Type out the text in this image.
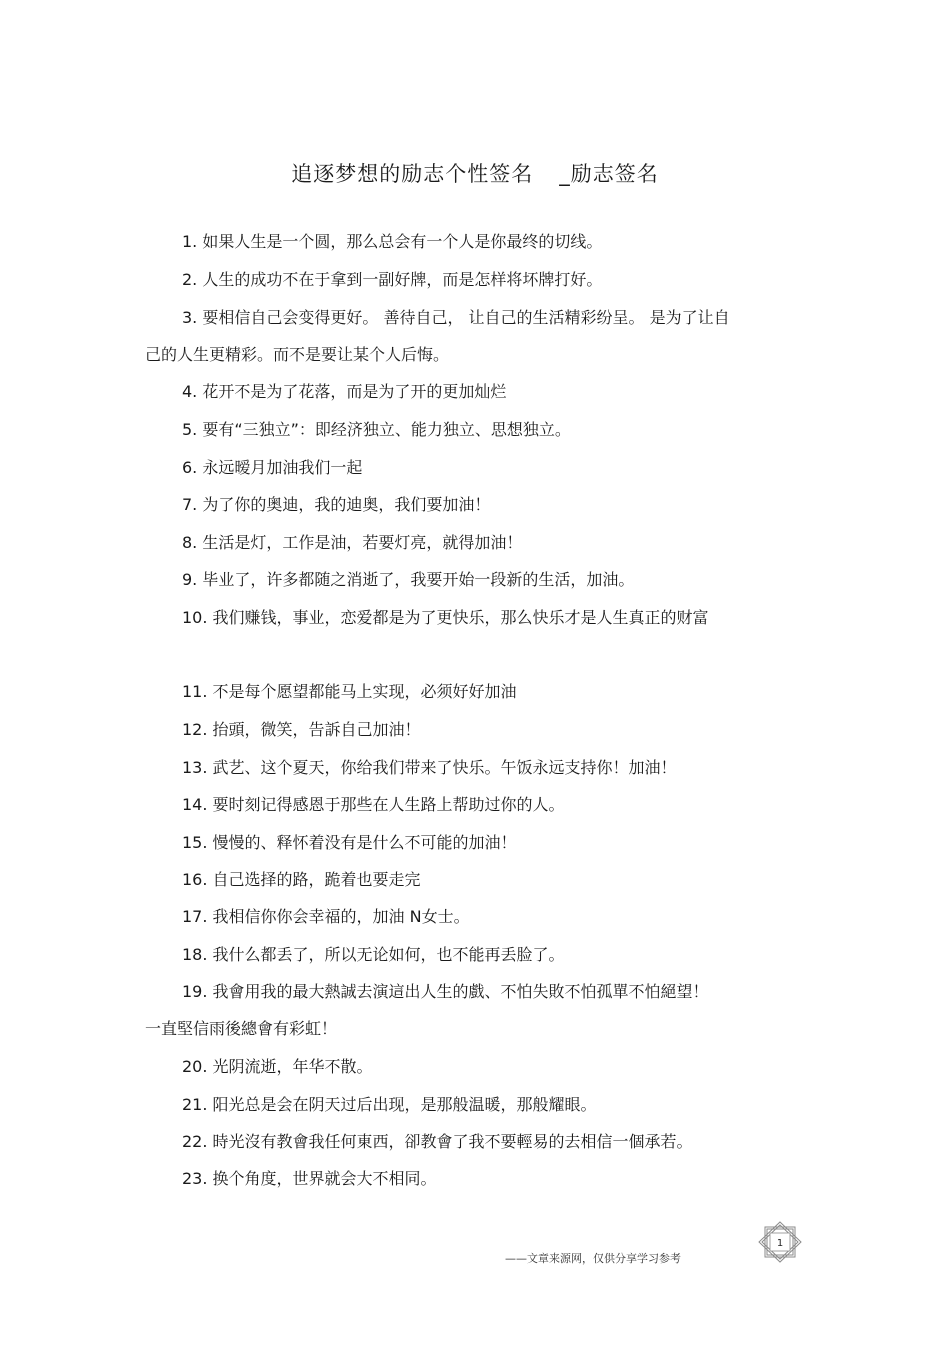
追逐梦想的励志个性签名 _励志签名
1. 如果人生是一个圆，那么总会有一个人是你最终的切线。
2. 人生的成功不在于拿到一副好牌，而是怎样将坏牌打好。
3. 要相信自己会变得更好。 善待自己， 让自己的生活精彩纷呈。 是为了让自
己的人生更精彩。而不是要让某个人后悔。
4. 花开不是为了花落，而是为了开的更加灿烂
5. 要有“三独立”：即经济独立、能力独立、思想独立。
6. 永远暧月加油我们一起
7. 为了你的奥迪，我的迪奥，我们要加油！
8. 生活是灯，工作是油，若要灯亮，就得加油！
9. 毕业了，许多都随之消逝了，我要开始一段新的生活，加油。
10. 我们赚钱，事业，恋爱都是为了更快乐，那么快乐才是人生真正的财富
11. 不是每个愿望都能马上实现，必须好好加油
12. 抬頭，微笑，告訴自己加油！
13. 武艺、这个夏天，你给我们带来了快乐。午饭永远支持你！加油！
14. 要时刻记得感恩于那些在人生路上帮助过你的人。
15. 慢慢的、释怀着没有是什么不可能的加油！
16. 自己选择的路，跪着也要走完
17. 我相信你你会幸福的，加油 N女士。
18. 我什么都丢了，所以无论如何，也不能再丢脸了。
19. 我會用我的最大熱誠去演這出人生的戲、不怕失敗不怕孤單不怕絕望！
一直堅信雨後總會有彩虹！
20. 光阴流逝，年华不散。
21. 阳光总是会在阴天过后出现，是那般温暖，那般耀眼。
22. 時光沒有教會我任何東西，卻教會了我不要輕易的去相信一個承若。
23. 换个角度，世界就会大不相同。
——文章来源网，仅供分享学习参考
1
